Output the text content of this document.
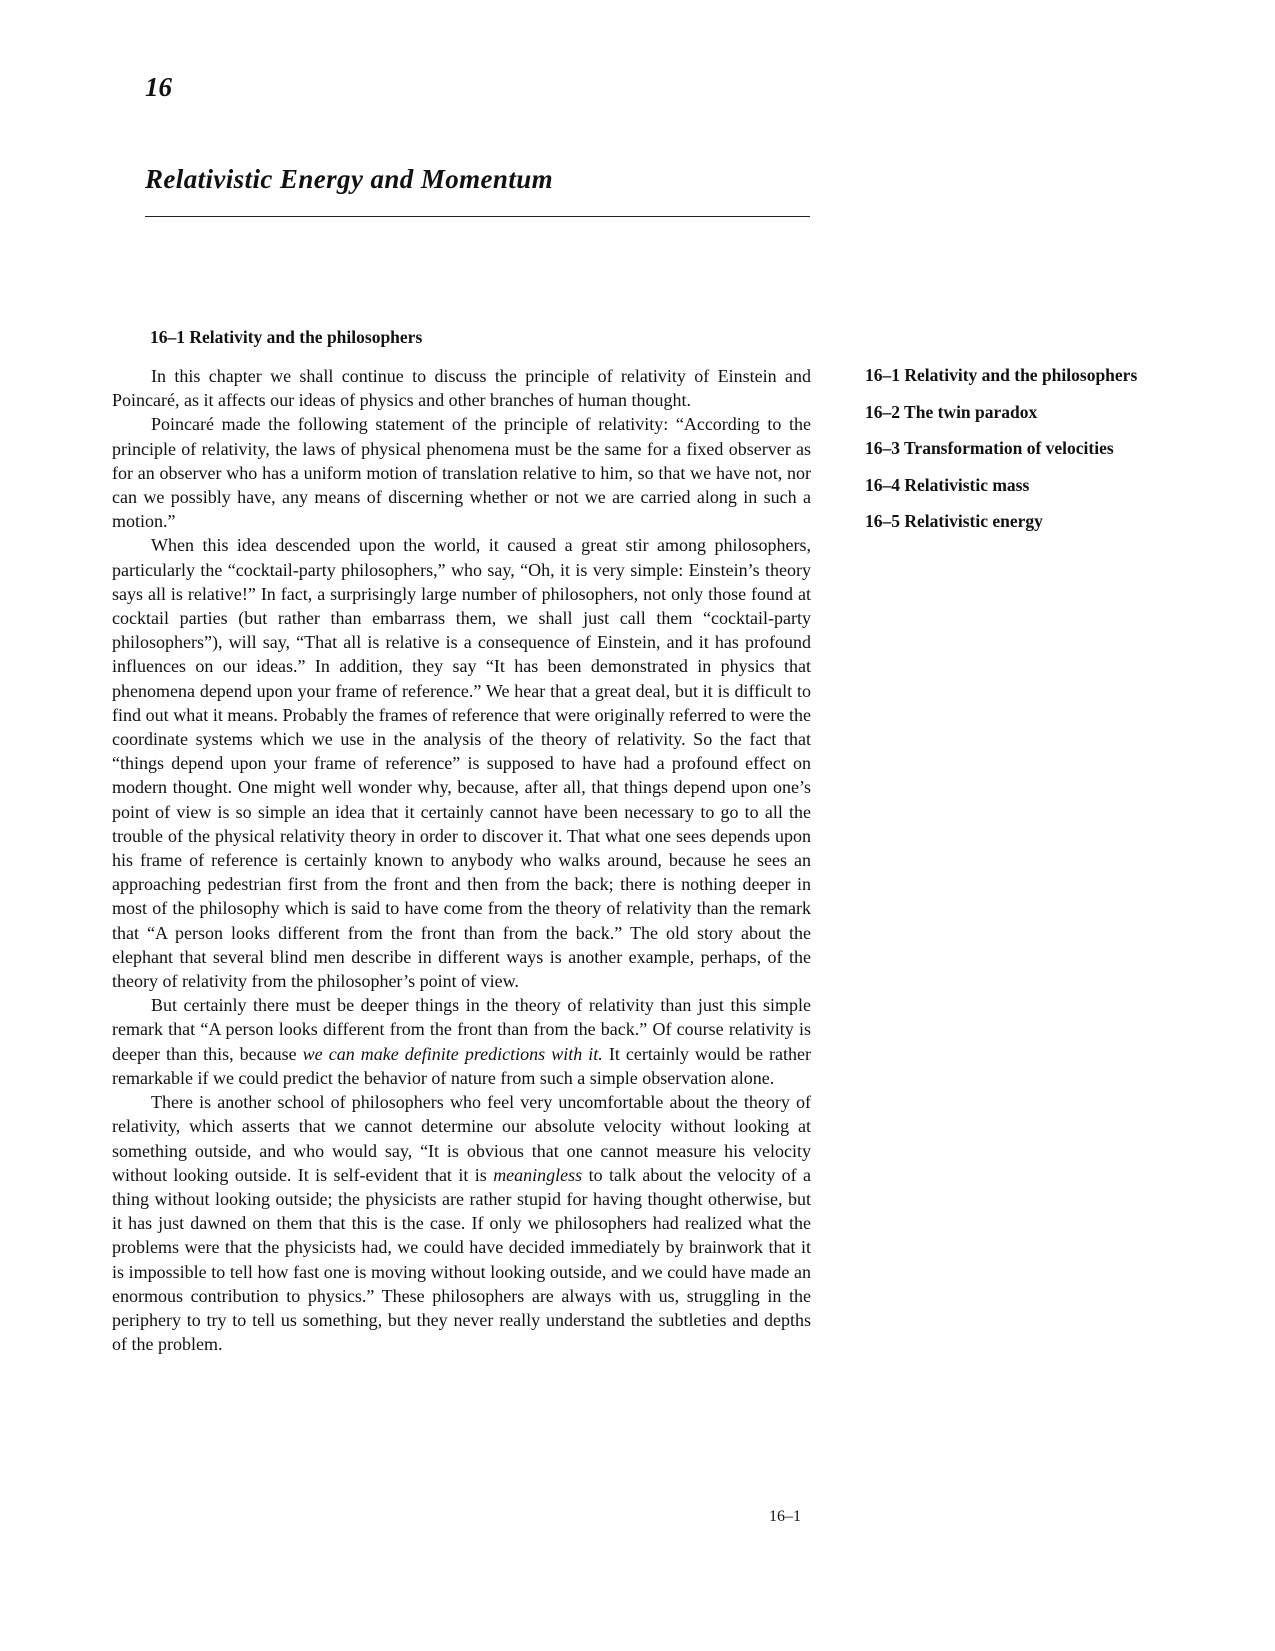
16
Relativistic Energy and Momentum
16–1 Relativity and the philosophers

In this chapter we shall continue to discuss the principle of relativity of Einstein and Poincaré, as it affects our ideas of physics and other branches of human thought.

Poincaré made the following statement of the principle of relativity: “According to the principle of relativity, the laws of physical phenomena must be the same for a fixed observer as for an observer who has a uniform motion of translation relative to him, so that we have not, nor can we possibly have, any means of discerning whether or not we are carried along in such a motion.”

When this idea descended upon the world, it caused a great stir among philosophers, particularly the “cocktail-party philosophers,” who say, “Oh, it is very simple: Einstein’s theory says all is relative!” In fact, a surprisingly large number of philosophers, not only those found at cocktail parties (but rather than embarrass them, we shall just call them “cocktail-party philosophers”), will say, “That all is relative is a consequence of Einstein, and it has profound influences on our ideas.” In addition, they say “It has been demonstrated in physics that phenomena depend upon your frame of reference.” We hear that a great deal, but it is difficult to find out what it means. Probably the frames of reference that were originally referred to were the coordinate systems which we use in the analysis of the theory of relativity. So the fact that “things depend upon your frame of reference” is supposed to have had a profound effect on modern thought. One might well wonder why, because, after all, that things depend upon one’s point of view is so simple an idea that it certainly cannot have been necessary to go to all the trouble of the physical relativity theory in order to discover it. That what one sees depends upon his frame of reference is certainly known to anybody who walks around, because he sees an approaching pedestrian first from the front and then from the back; there is nothing deeper in most of the philosophy which is said to have come from the theory of relativity than the remark that “A person looks different from the front than from the back.” The old story about the elephant that several blind men describe in different ways is another example, perhaps, of the theory of relativity from the philosopher’s point of view.

But certainly there must be deeper things in the theory of relativity than just this simple remark that “A person looks different from the front than from the back.” Of course relativity is deeper than this, because we can make definite predictions with it. It certainly would be rather remarkable if we could predict the behavior of nature from such a simple observation alone.

There is another school of philosophers who feel very uncomfortable about the theory of relativity, which asserts that we cannot determine our absolute velocity without looking at something outside, and who would say, “It is obvious that one cannot measure his velocity without looking outside. It is self-evident that it is meaningless to talk about the velocity of a thing without looking outside; the physicists are rather stupid for having thought otherwise, but it has just dawned on them that this is the case. If only we philosophers had realized what the problems were that the physicists had, we could have decided immediately by brainwork that it is impossible to tell how fast one is moving without looking outside, and we could have made an enormous contribution to physics.” These philosophers are always with us, struggling in the periphery to try to tell us something, but they never really understand the subtleties and depths of the problem.

16–1 Relativity and the philosophers
16–2 The twin paradox
16–3 Transformation of velocities
16–4 Relativistic mass
16–5 Relativistic energy

16–1
